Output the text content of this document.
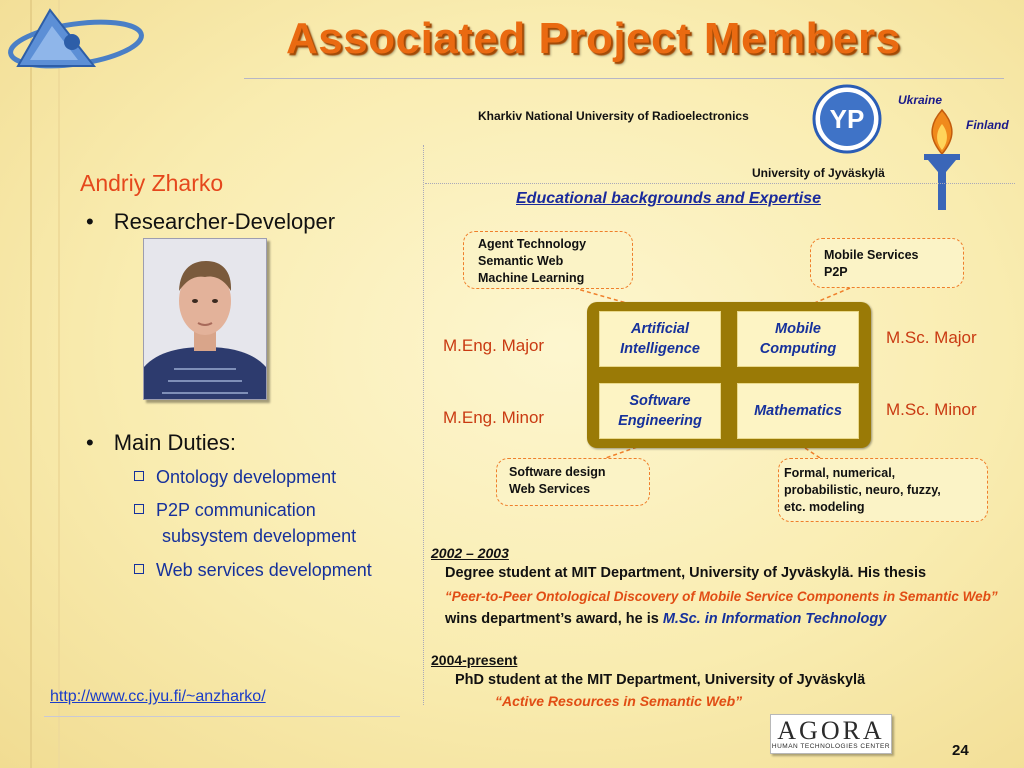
Associated Project Members
Kharkiv National University of Radioelectronics	YP
Ukraine
Finland
University of Jyväskylä
Andriy Zharko
• Researcher-Developer
• Main Duties:
Ontology development
P2P communication
subsystem development
Web services development
http://www.cc.jyu.fi/~anzharko/
Educational backgrounds and Expertise
Agent Technology
Semantic Web
Machine Learning
Mobile Services
P2P
M.Eng. Major
M.Eng. Minor
M.Sc. Major
M.Sc. Minor
Artificial
Intelligence
Mobile
Computing
Software
Engineering
Mathematics
Software design
Web Services
Formal, numerical,
probabilistic, neuro, fuzzy,
etc. modeling
2002 – 2003
Degree student at MIT Department, University of Jyväskylä. His thesis
“Peer-to-Peer Ontological Discovery of Mobile Service Components in Semantic Web”
wins department’s award, he is M.Sc. in Information Technology
2004-present
PhD student at the MIT Department, University of Jyväskylä
“Active Resources in Semantic Web”
AGORA
HUMAN TECHNOLOGIES CENTER	24
